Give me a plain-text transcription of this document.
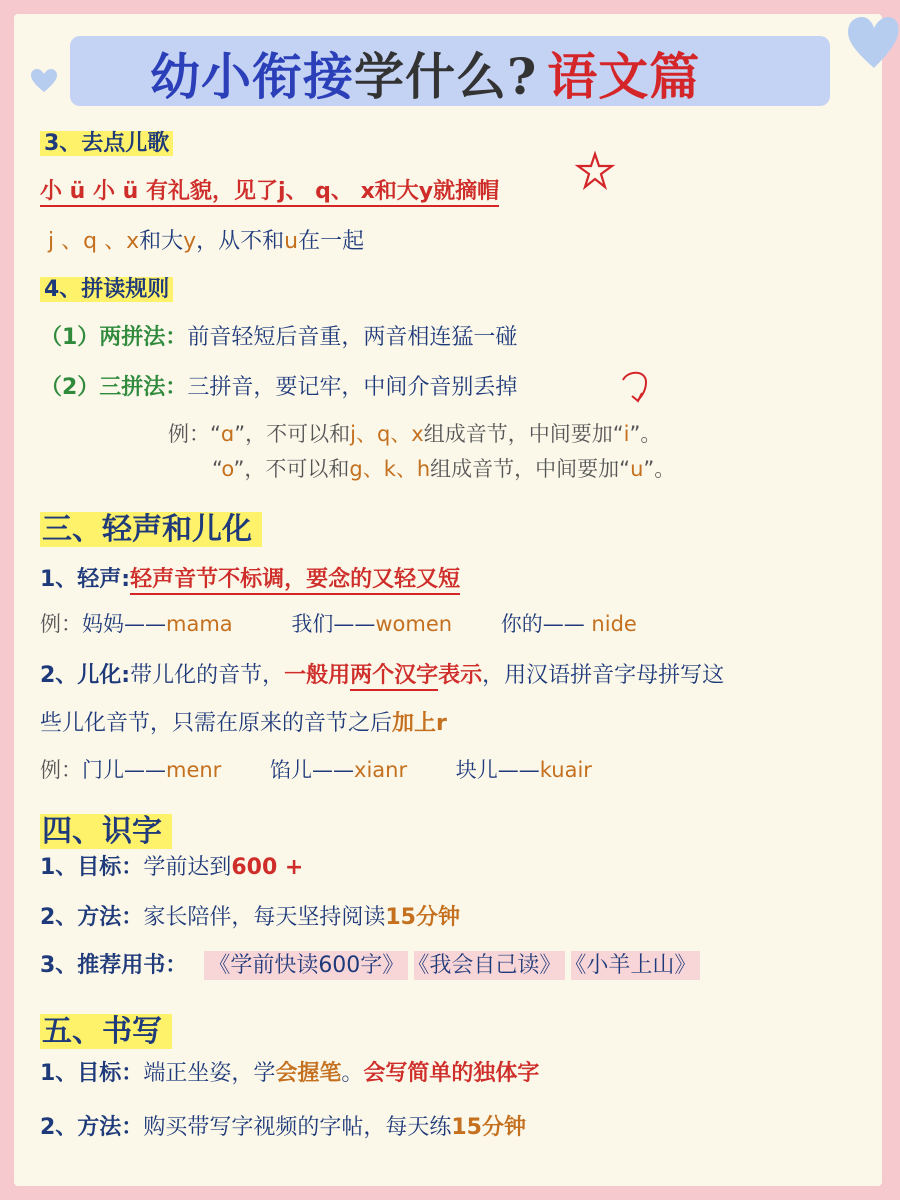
幼小衔接 学什么? 语文篇
3、去点儿歌
小 ü 小 ü 有礼貌，见了j、 q、 x和大y就摘帽
j 、q 、x和大y，从不和u在一起
4、拼读规则
（1）两拼法：前音轻短后音重，两音相连猛一碰
（2）三拼法：三拼音，要记牢，中间介音别丢掉
例：“ɑ”，不可以和j、q、x组成音节，中间要加“i”。
“o”，不可以和g、k、h组成音节，中间要加“u”。
三、轻声和儿化
1、轻声:轻声音节不标调，要念的又轻又短
例：妈妈——mama	我们——women 你的—— nide
2、儿化:带儿化的音节，一般用两个汉字表示，用汉语拼音字母拼写这
些儿化音节，只需在原来的音节之后加上r
例：门儿——menr 馅儿——xianr 块儿——kuair
四、识字
1、目标：学前达到600 +
2、方法：家长陪伴，每天坚持阅读15分钟
3、推荐用书： 《学前快读600字》 《我会自己读》 《小羊上山》
五、书写
1、目标：端正坐姿，学会握笔。会写简单的独体字
2、方法：购买带写字视频的字帖，每天练15分钟
